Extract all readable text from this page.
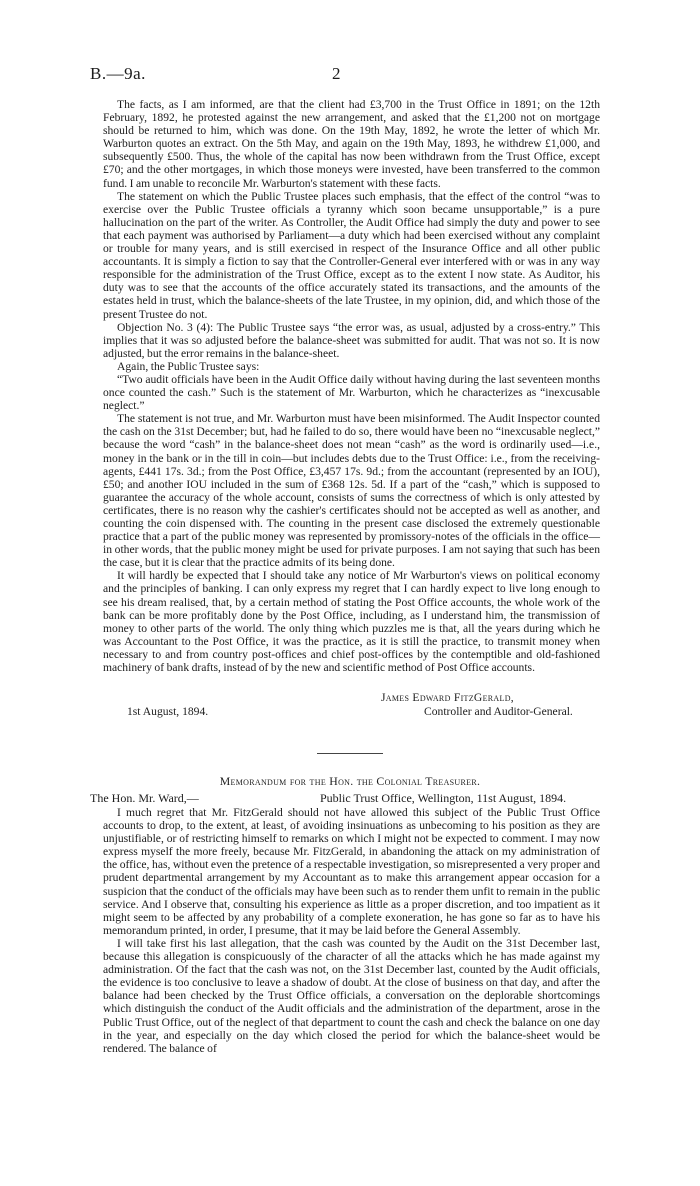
B.—9a.	2

The facts, as I am informed, are that the client had £3,700 in the Trust Office in 1891; on the 12th February, 1892, he protested against the new arrangement, and asked that the £1,200 not on mortgage should be returned to him, which was done. On the 19th May, 1892, he wrote the letter of which Mr. Warburton quotes an extract. On the 5th May, and again on the 19th May, 1893, he withdrew £1,000, and subsequently £500. Thus, the whole of the capital has now been withdrawn from the Trust Office, except £70; and the other mortgages, in which those moneys were invested, have been transferred to the common fund. I am unable to reconcile Mr. Warburton's statement with these facts.

The statement on which the Public Trustee places such emphasis, that the effect of the control “was to exercise over the Public Trustee officials a tyranny which soon became unsupportable,” is a pure hallucination on the part of the writer. As Controller, the Audit Office had simply the duty and power to see that each payment was authorised by Parliament—a duty which had been exercised without any complaint or trouble for many years, and is still exercised in respect of the Insurance Office and all other public accountants. It is simply a fiction to say that the Controller-General ever interfered with or was in any way responsible for the administration of the Trust Office, except as to the extent I now state. As Auditor, his duty was to see that the accounts of the office accurately stated its transactions, and the amounts of the estates held in trust, which the balance-sheets of the late Trustee, in my opinion, did, and which those of the present Trustee do not.

Objection No. 3 (4): The Public Trustee says “the error was, as usual, adjusted by a cross-entry.” This implies that it was so adjusted before the balance-sheet was submitted for audit. That was not so. It is now adjusted, but the error remains in the balance-sheet.

Again, the Public Trustee says:

“Two audit officials have been in the Audit Office daily without having during the last seventeen months once counted the cash.” Such is the statement of Mr. Warburton, which he characterizes as “inexcusable neglect.”

The statement is not true, and Mr. Warburton must have been misinformed. The Audit Inspector counted the cash on the 31st December; but, had he failed to do so, there would have been no “inexcusable neglect,” because the word “cash” in the balance-sheet does not mean “cash” as the word is ordinarily used—i.e., money in the bank or in the till in coin—but includes debts due to the Trust Office: i.e., from the receiving-agents, £441 17s. 3d.; from the Post Office, £3,457 17s. 9d.; from the accountant (represented by an IOU), £50; and another IOU included in the sum of £368 12s. 5d. If a part of the “cash,” which is supposed to guarantee the accuracy of the whole account, consists of sums the correctness of which is only attested by certificates, there is no reason why the cashier's certificates should not be accepted as well as another, and counting the coin dispensed with. The counting in the present case disclosed the extremely questionable practice that a part of the public money was represented by promissory-notes of the officials in the office—in other words, that the public money might be used for private purposes. I am not saying that such has been the case, but it is clear that the practice admits of its being done.

It will hardly be expected that I should take any notice of Mr Warburton's views on political economy and the principles of banking. I can only express my regret that I can hardly expect to live long enough to see his dream realised, that, by a certain method of stating the Post Office accounts, the whole work of the bank can be more profitably done by the Post Office, including, as I understand him, the transmission of money to other parts of the world. The only thing which puzzles me is that, all the years during which he was Accountant to the Post Office, it was the practice, as it is still the practice, to transmit money when necessary to and from country post-offices and chief post-offices by the contemptible and old-fashioned machinery of bank drafts, instead of by the new and scientific method of Post Office accounts.

James Edward FitzGerald,
1st August, 1894.	Controller and Auditor-General.
Memorandum for the Hon. the Colonial Treasurer.
The Hon. Mr. Ward,—	Public Trust Office, Wellington, 11st August, 1894.

I much regret that Mr. FitzGerald should not have allowed this subject of the Public Trust Office accounts to drop, to the extent, at least, of avoiding insinuations as unbecoming to his position as they are unjustifiable, or of restricting himself to remarks on which I might not be expected to comment. I may now express myself the more freely, because Mr. FitzGerald, in abandoning the attack on my administration of the office, has, without even the pretence of a respectable investigation, so misrepresented a very proper and prudent departmental arrangement by my Accountant as to make this arrangement appear occasion for a suspicion that the conduct of the officials may have been such as to render them unfit to remain in the public service. And I observe that, consulting his experience as little as a proper discretion, and too impatient as it might seem to be affected by any probability of a complete exoneration, he has gone so far as to have his memorandum printed, in order, I presume, that it may be laid before the General Assembly.

I will take first his last allegation, that the cash was counted by the Audit on the 31st December last, because this allegation is conspicuously of the character of all the attacks which he has made against my administration. Of the fact that the cash was not, on the 31st December last, counted by the Audit officials, the evidence is too conclusive to leave a shadow of doubt. At the close of business on that day, and after the balance had been checked by the Trust Office officials, a conversation on the deplorable shortcomings which distinguish the conduct of the Audit officials and the administration of the department, arose in the Public Trust Office, out of the neglect of that department to count the cash and check the balance on one day in the year, and especially on the day which closed the period for which the balance-sheet would be rendered. The balance of
